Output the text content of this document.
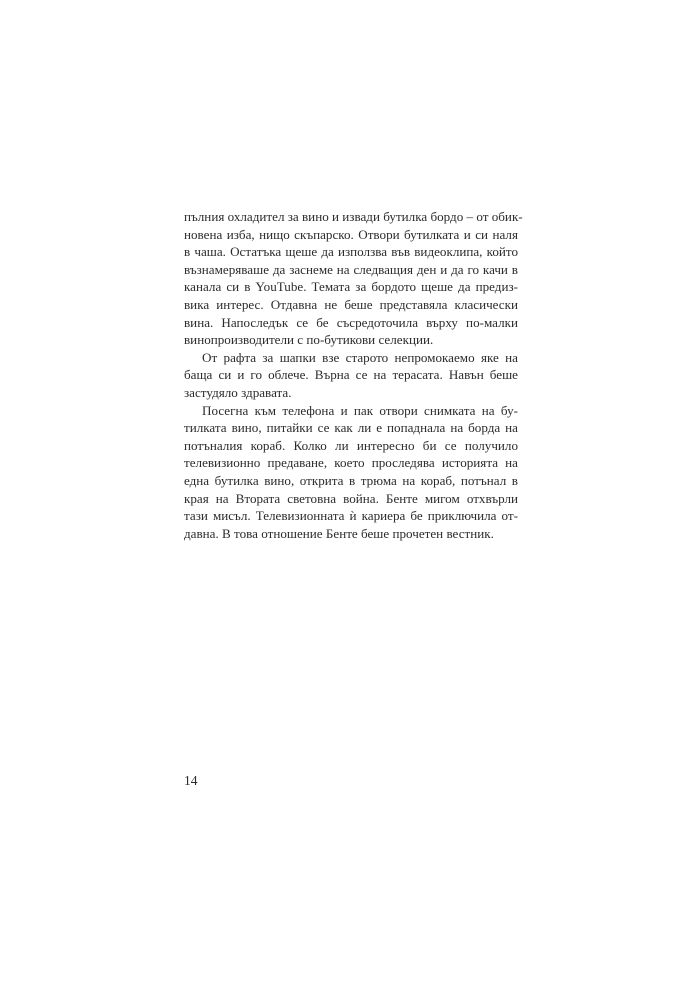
пълния охладител за вино и извади бутилка бордо – от обик-
новена изба, нищо скъпарско. Отвори бутилката и си наля
в чаша. Остатъка щеше да използва във видеоклипа, който
възнамеряваше да заснеме на следващия ден и да го качи в
канала си в YouTube. Темата за бордото щеше да предиз-
вика интерес. Отдавна не беше представяла класически
вина. Напоследък се бе съсредоточила върху по-малки
винопроизводители с по-бутикови селекции.
От рафта за шапки взе старото непромокаемо яке на
баща си и го облече. Върна се на терасата. Навън беше
застудяло здравата.
Посегна към телефона и пак отвори снимката на бу-
тилката вино, питайки се как ли е попаднала на борда на
потъналия кораб. Колко ли интересно би се получило
телевизионно предаване, което проследява историята на
една бутилка вино, открита в трюма на кораб, потънал в
края на Втората световна война. Бенте мигом отхвърли
тази мисъл. Телевизионната ѝ кариера бе приключила от-
давна. В това отношение Бенте беше прочетен вестник.
14
